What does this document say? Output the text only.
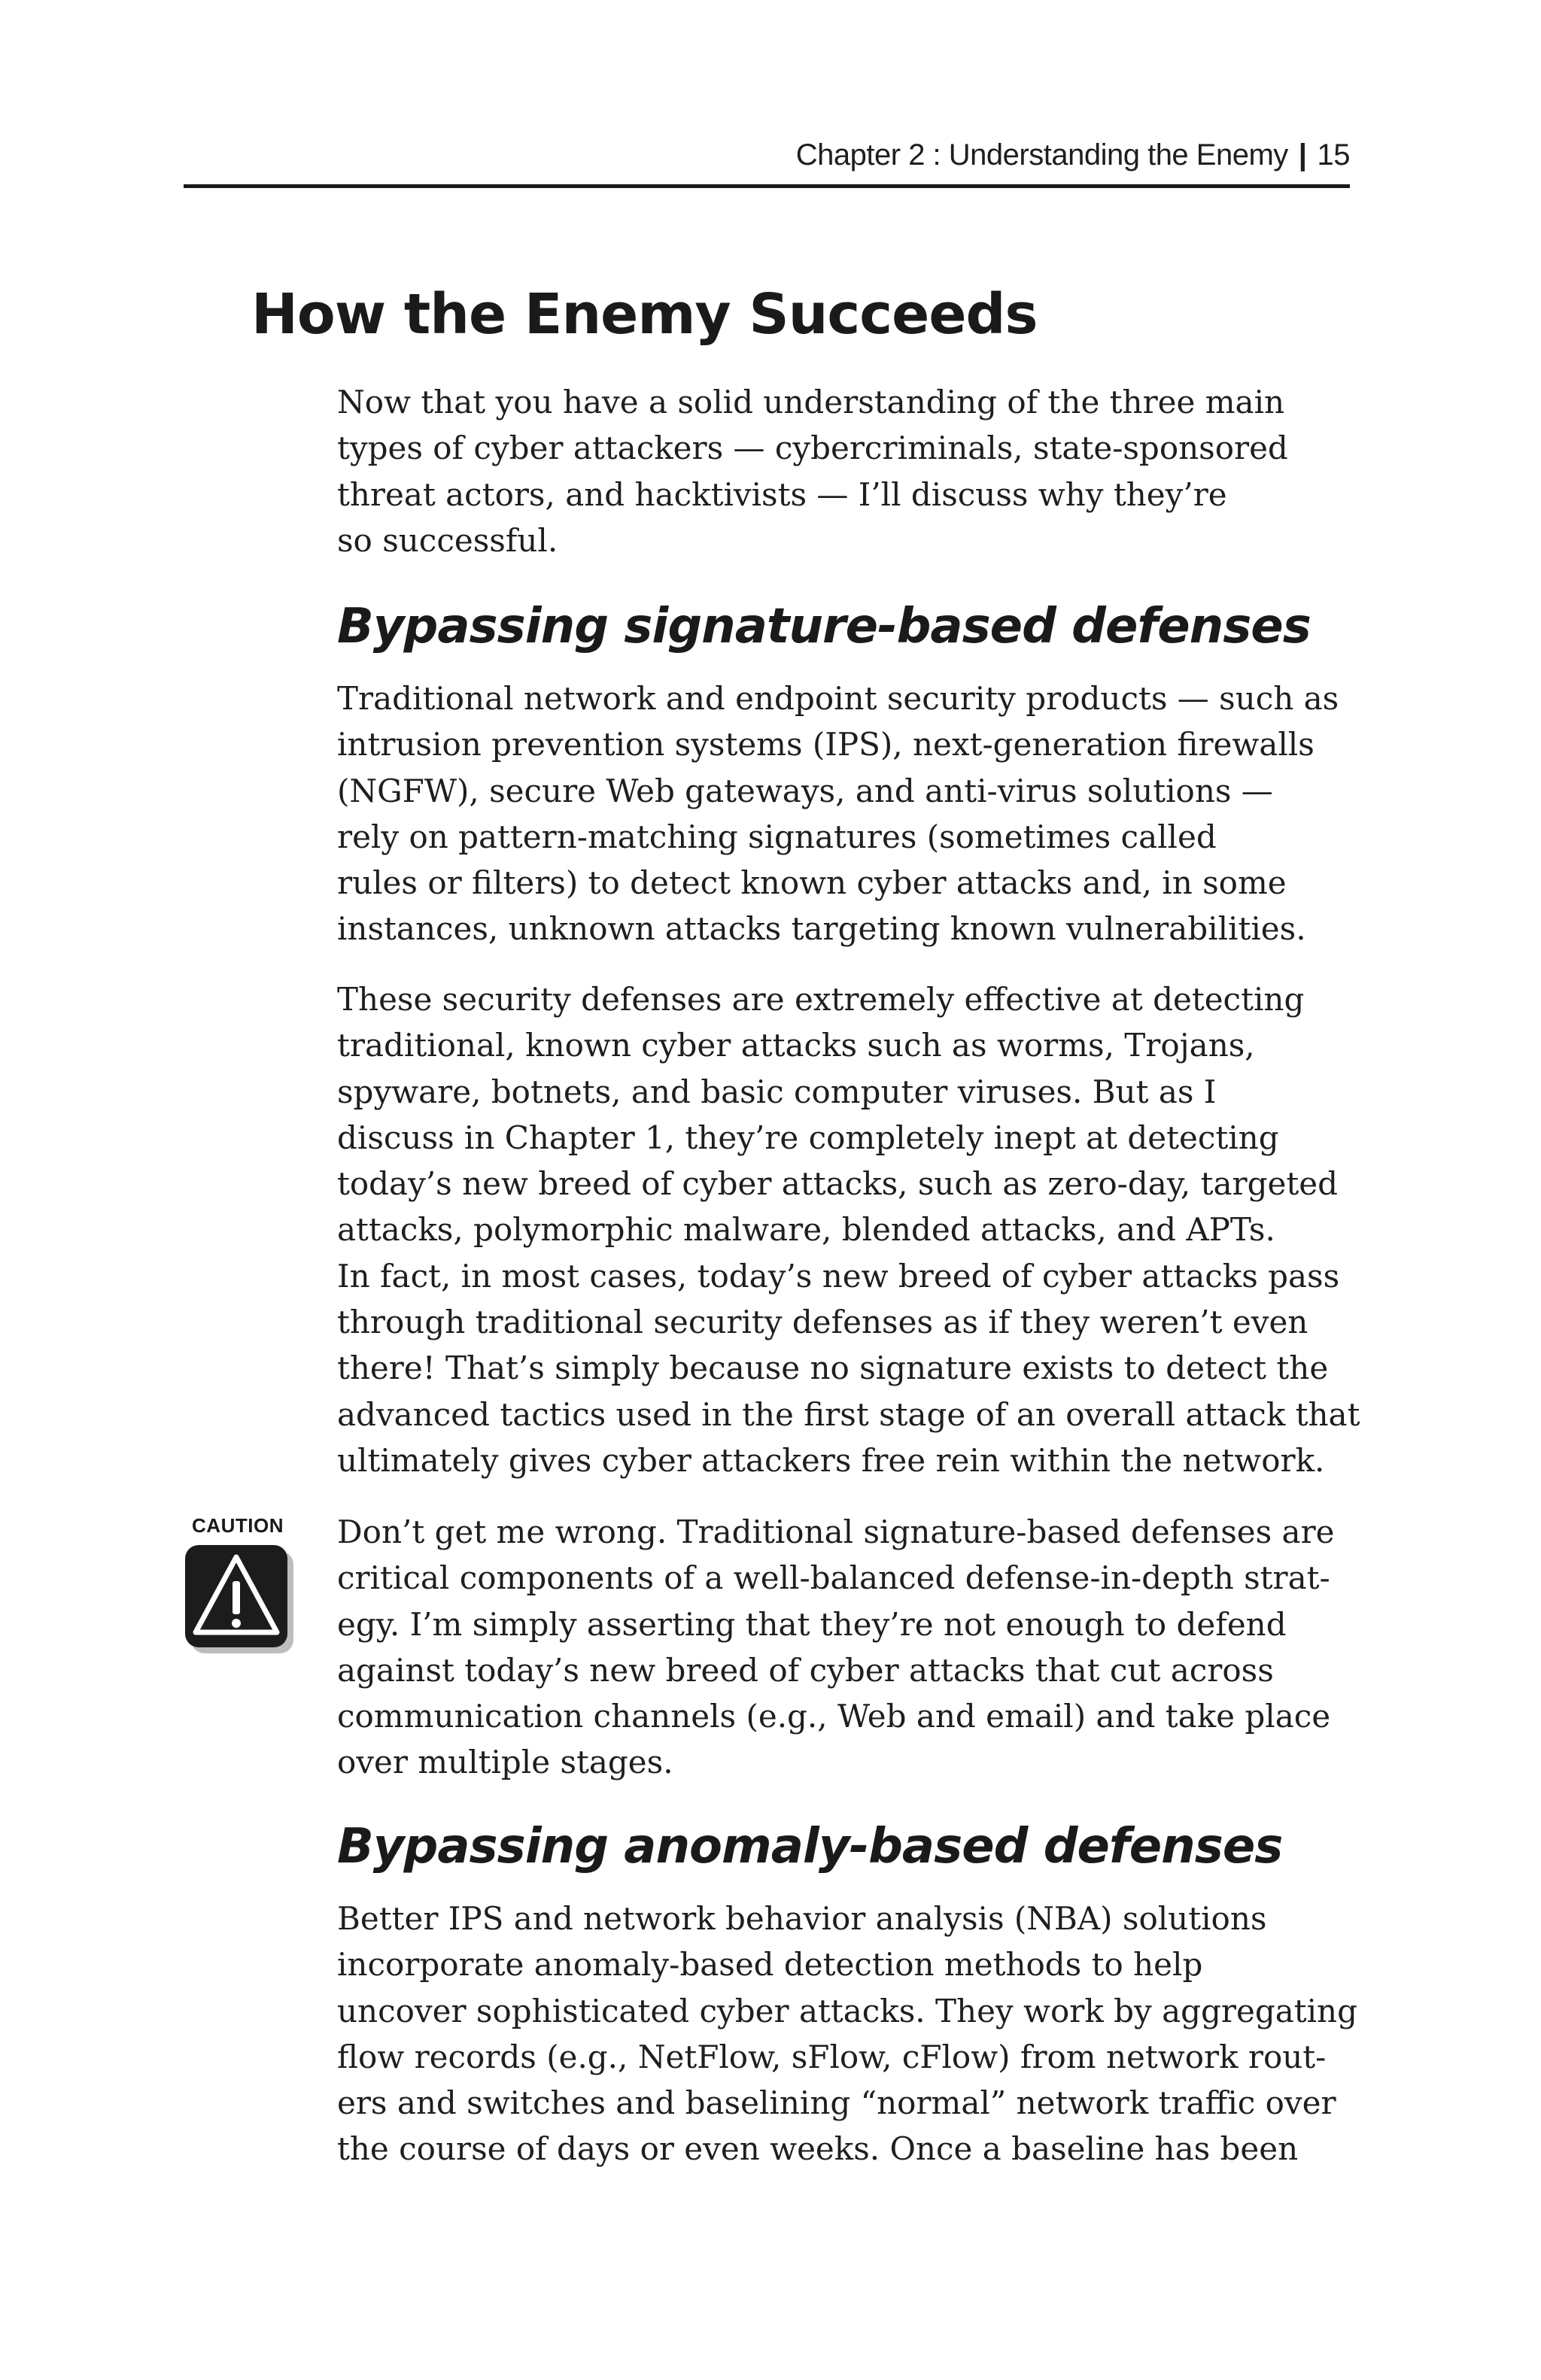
Chapter 2 : Understanding the Enemy | 15
How the Enemy Succeeds

Now that you have a solid understanding of the three main
types of cyber attackers — cybercriminals, state-sponsored
threat actors, and hacktivists — I’ll discuss why they’re
so successful.

Bypassing signature-based defenses

Traditional network and endpoint security products — such as
intrusion prevention systems (IPS), next-generation firewalls
(NGFW), secure Web gateways, and anti-virus solutions —
rely on pattern-matching signatures (sometimes called
rules or filters) to detect known cyber attacks and, in some
instances, unknown attacks targeting known vulnerabilities.

These security defenses are extremely effective at detecting
traditional, known cyber attacks such as worms, Trojans,
spyware, botnets, and basic computer viruses. But as I
discuss in Chapter 1, they’re completely inept at detecting
today’s new breed of cyber attacks, such as zero-day, targeted
attacks, polymorphic malware, blended attacks, and APTs.
In fact, in most cases, today’s new breed of cyber attacks pass
through traditional security defenses as if they weren’t even
there! That’s simply because no signature exists to detect the
advanced tactics used in the first stage of an overall attack that
ultimately gives cyber attackers free rein within the network.

CAUTION	Don’t get me wrong. Traditional signature-based defenses are
critical components of a well-balanced defense-in-depth strat-
egy. I’m simply asserting that they’re not enough to defend
against today’s new breed of cyber attacks that cut across
communication channels (e.g., Web and email) and take place
over multiple stages.

Bypassing anomaly-based defenses

Better IPS and network behavior analysis (NBA) solutions
incorporate anomaly-based detection methods to help
uncover sophisticated cyber attacks. They work by aggregating
flow records (e.g., NetFlow, sFlow, cFlow) from network rout-
ers and switches and baselining “normal” network traffic over
the course of days or even weeks. Once a baseline has been
